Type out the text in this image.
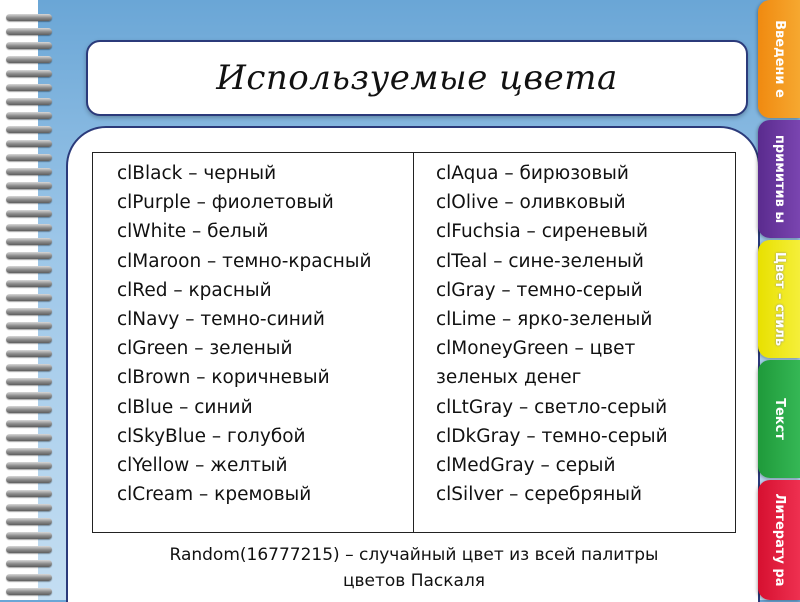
Используемые цвета
clBlack – черный
clPurple – фиолетовый
clWhite – белый
clMaroon – темно-красный
clRed – красный
clNavy – темно-синий
clGreen – зеленый
clBrown – коричневый
clBlue – синий
clSkyBlue – голубой
clYellow – желтый
clCream – кремовый
clAqua – бирюзовый
clOlive – оливковый
clFuchsia – сиреневый
clTeal – сине-зеленый
clGray – темно-серый
clLime – ярко-зеленый
clMoneyGreen – цвет
зеленых денег
clLtGray – светло-серый
clDkGray – темно-серый
clMedGray – серый
clSilver – серебряный
Random(16777215) – случайный цвет из всей палитры
цветов Паскаля
Введени е
примитив ы
Цвет – стиль
Текст
Литерату ра
